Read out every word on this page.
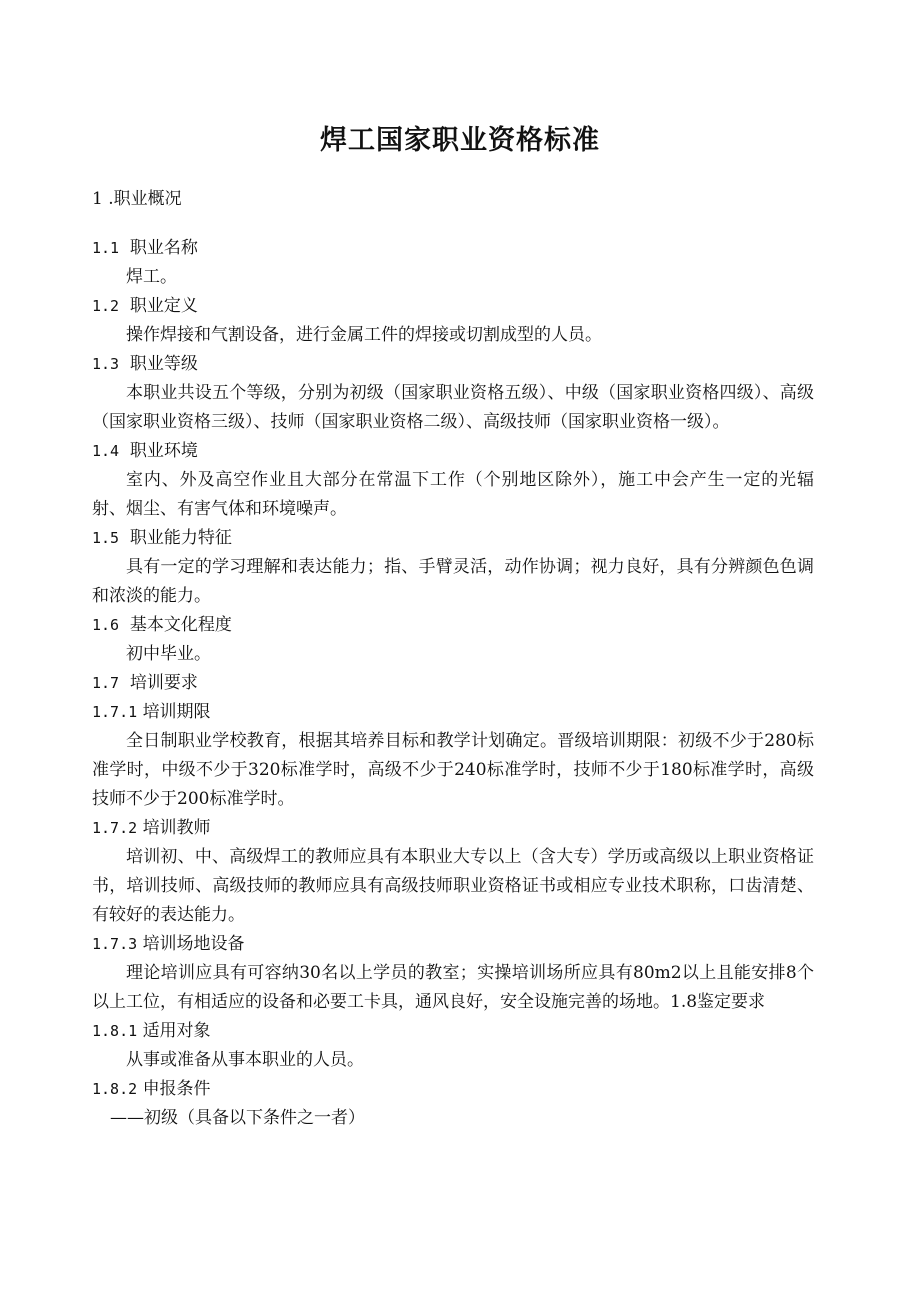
焊工国家职业资格标准

1 .职业概况

1.1 职业名称

焊工。

1.2 职业定义

操作焊接和气割设备，进行金属工件的焊接或切割成型的人员。

1.3 职业等级

本职业共设五个等级，分别为初级（国家职业资格五级）、中级（国家职业资格四级）、高级（国家职业资格三级）、技师（国家职业资格二级）、高级技师（国家职业资格一级）。

1.4 职业环境

室内、外及高空作业且大部分在常温下工作（个别地区除外），施工中会产生一定的光辐射、烟尘、有害气体和环境噪声。

1.5 职业能力特征

具有一定的学习理解和表达能力；指、手臂灵活，动作协调；视力良好，具有分辨颜色色调和浓淡的能力。

1.6 基本文化程度

初中毕业。

1.7 培训要求

1.7.1 培训期限

全日制职业学校教育，根据其培养目标和教学计划确定。晋级培训期限：初级不少于280标准学时，中级不少于320标准学时，高级不少于240标准学时，技师不少于180标准学时，高级技师不少于200标准学时。

1.7.2 培训教师

培训初、中、高级焊工的教师应具有本职业大专以上（含大专）学历或高级以上职业资格证书，培训技师、高级技师的教师应具有高级技师职业资格证书或相应专业技术职称，口齿清楚、有较好的表达能力。

1.7.3 培训场地设备

理论培训应具有可容纳30名以上学员的教室；实操培训场所应具有80m2以上且能安排8个以上工位，有相适应的设备和必要工卡具，通风良好，安全设施完善的场地。1.8鉴定要求

1.8.1 适用对象

从事或准备从事本职业的人员。

1.8.2 申报条件

——初级（具备以下条件之一者）
